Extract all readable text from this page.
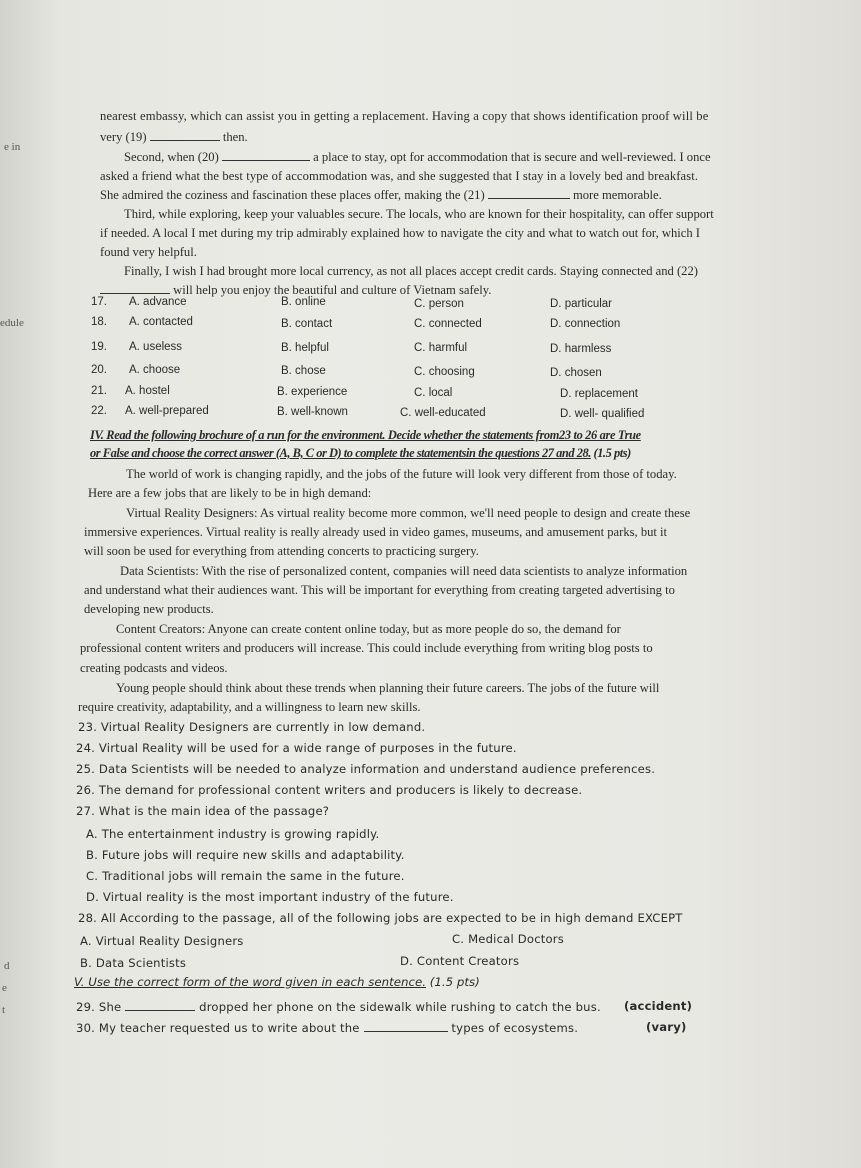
e in
edule
d
e
t
nearest embassy, which can assist you in getting a replacement. Having a copy that shows identification proof will be
very (19)	then.
Second, when (20)	a place to stay, opt for accommodation that is secure and well-reviewed. I once
asked a friend what the best type of accommodation was, and she suggested that I stay in a lovely bed and breakfast.
She admired the coziness and fascination these places offer, making the (21)	more memorable.
Third, while exploring, keep your valuables secure. The locals, who are known for their hospitality, can offer support
if needed. A local I met during my trip admirably explained how to navigate the city and what to watch out for, which I
found very helpful.
Finally, I wish I had brought more local currency, as not all places accept credit cards. Staying connected and (22)
will help you enjoy the beautiful and culture of Vietnam safely.
17. A. advance	B. online	C. person	D. particular
18. A. contacted	B. contact	C. connected	D. connection
19. A. useless	B. helpful	C. harmful	D. harmless
20. A. choose	B. chose	C. choosing	D. chosen
21. A. hostel	B. experience	C. local	D. replacement
22. A. well-prepared	B. well-known	C. well-educated	D. well- qualified
IV. Read the following brochure of a run for the environment. Decide whether the statements from23 to 26 are True
or False and choose the correct answer (A, B, C or D) to complete the statementsin the questions 27 and 28. (1.5 pts)
The world of work is changing rapidly, and the jobs of the future will look very different from those of today.
Here are a few jobs that are likely to be in high demand:
Virtual Reality Designers: As virtual reality become more common, we'll need people to design and create these
immersive experiences. Virtual reality is really already used in video games, museums, and amusement parks, but it
will soon be used for everything from attending concerts to practicing surgery.
Data Scientists: With the rise of personalized content, companies will need data scientists to analyze information
and understand what their audiences want. This will be important for everything from creating targeted advertising to
developing new products.
Content Creators: Anyone can create content online today, but as more people do so, the demand for
professional content writers and producers will increase. This could include everything from writing blog posts to
creating podcasts and videos.
Young people should think about these trends when planning their future careers. The jobs of the future will
require creativity, adaptability, and a willingness to learn new skills.
23. Virtual Reality Designers are currently in low demand.
24. Virtual Reality will be used for a wide range of purposes in the future.
25. Data Scientists will be needed to analyze information and understand audience preferences.
26. The demand for professional content writers and producers is likely to decrease.
27. What is the main idea of the passage?
A. The entertainment industry is growing rapidly.
B. Future jobs will require new skills and adaptability.
C. Traditional jobs will remain the same in the future.
D. Virtual reality is the most important industry of the future.
28. All According to the passage, all of the following jobs are expected to be in high demand EXCEPT
A. Virtual Reality Designers	C. Medical Doctors
B. Data Scientists	D. Content Creators
V. Use the correct form of the word given in each sentence. (1.5 pts)
29. She	dropped her phone on the sidewalk while rushing to catch the bus. (accident)
30. My teacher requested us to write about the	types of ecosystems.	(vary)
